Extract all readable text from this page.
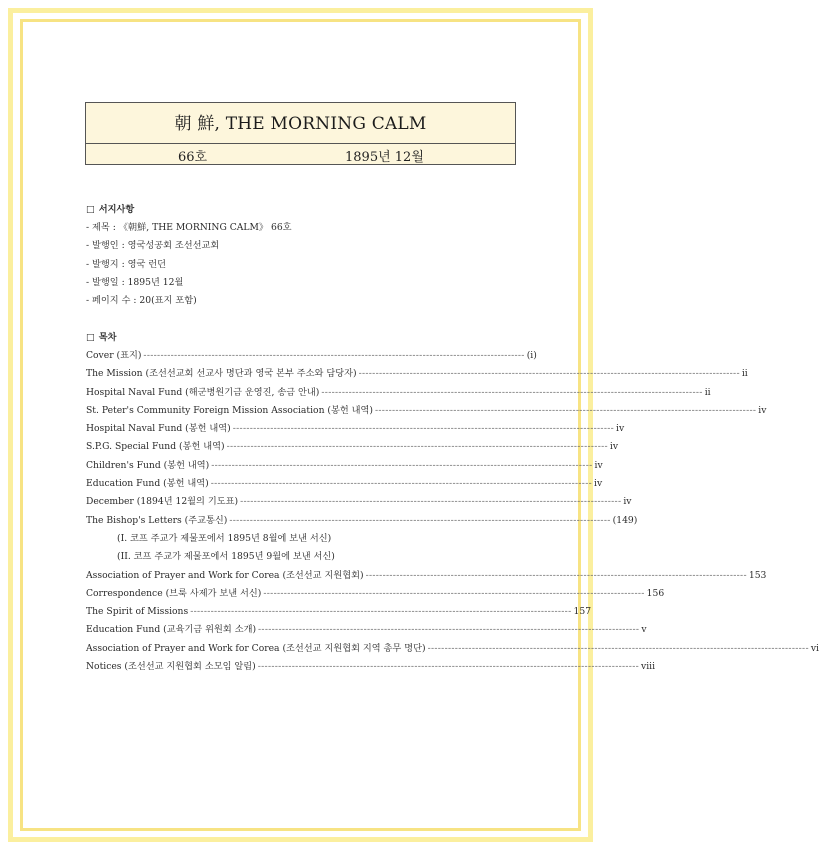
朝 鮮, THE MORNING CALM
66호	1895년 12월
□ 서지사항
- 제목 : 《朝鮮, THE MORNING CALM》 66호
- 발행인 : 영국성공회 조선선교회
- 발행지 : 영국 런던
- 발행일 : 1895년 12월
- 페이지 수 : 20(표지 포함)
□ 목차
Cover (표지) ---------------------------------------------------------------------------------------------------------------- (i)
The Mission (조선선교회 선교사 명단과 영국 본부 주소와 담당자) ---------------------------------------------------------------------------------------------------------------- ii
Hospital Naval Fund (해군병원기금 운영진, 송금 안내) ---------------------------------------------------------------------------------------------------------------- ii
St. Peter's Community Foreign Mission Association (봉헌 내역) ---------------------------------------------------------------------------------------------------------------- iv
Hospital Naval Fund (봉헌 내역) ---------------------------------------------------------------------------------------------------------------- iv
S.P.G. Special Fund (봉헌 내역) ---------------------------------------------------------------------------------------------------------------- iv
Children's Fund (봉헌 내역) ---------------------------------------------------------------------------------------------------------------- iv
Education Fund (봉헌 내역) ---------------------------------------------------------------------------------------------------------------- iv
December (1894년 12월의 기도표) ---------------------------------------------------------------------------------------------------------------- iv
The Bishop's Letters (주교통신) ---------------------------------------------------------------------------------------------------------------- (149)
(I. 코프 주교가 제물포에서 1895년 8월에 보낸 서신)
(II. 코프 주교가 제물포에서 1895년 9월에 보낸 서신)
Association of Prayer and Work for Corea (조선선교 지원협회) ---------------------------------------------------------------------------------------------------------------- 153
Correspondence (브룩 사제가 보낸 서신) ---------------------------------------------------------------------------------------------------------------- 156
The Spirit of Missions ---------------------------------------------------------------------------------------------------------------- 157
Education Fund (교육기금 위원회 소개) ---------------------------------------------------------------------------------------------------------------- v
Association of Prayer and Work for Corea (조선선교 지원협회 지역 총무 명단) ---------------------------------------------------------------------------------------------------------------- vi
Notices (조선선교 지원협회 소모임 알림) ---------------------------------------------------------------------------------------------------------------- viii
